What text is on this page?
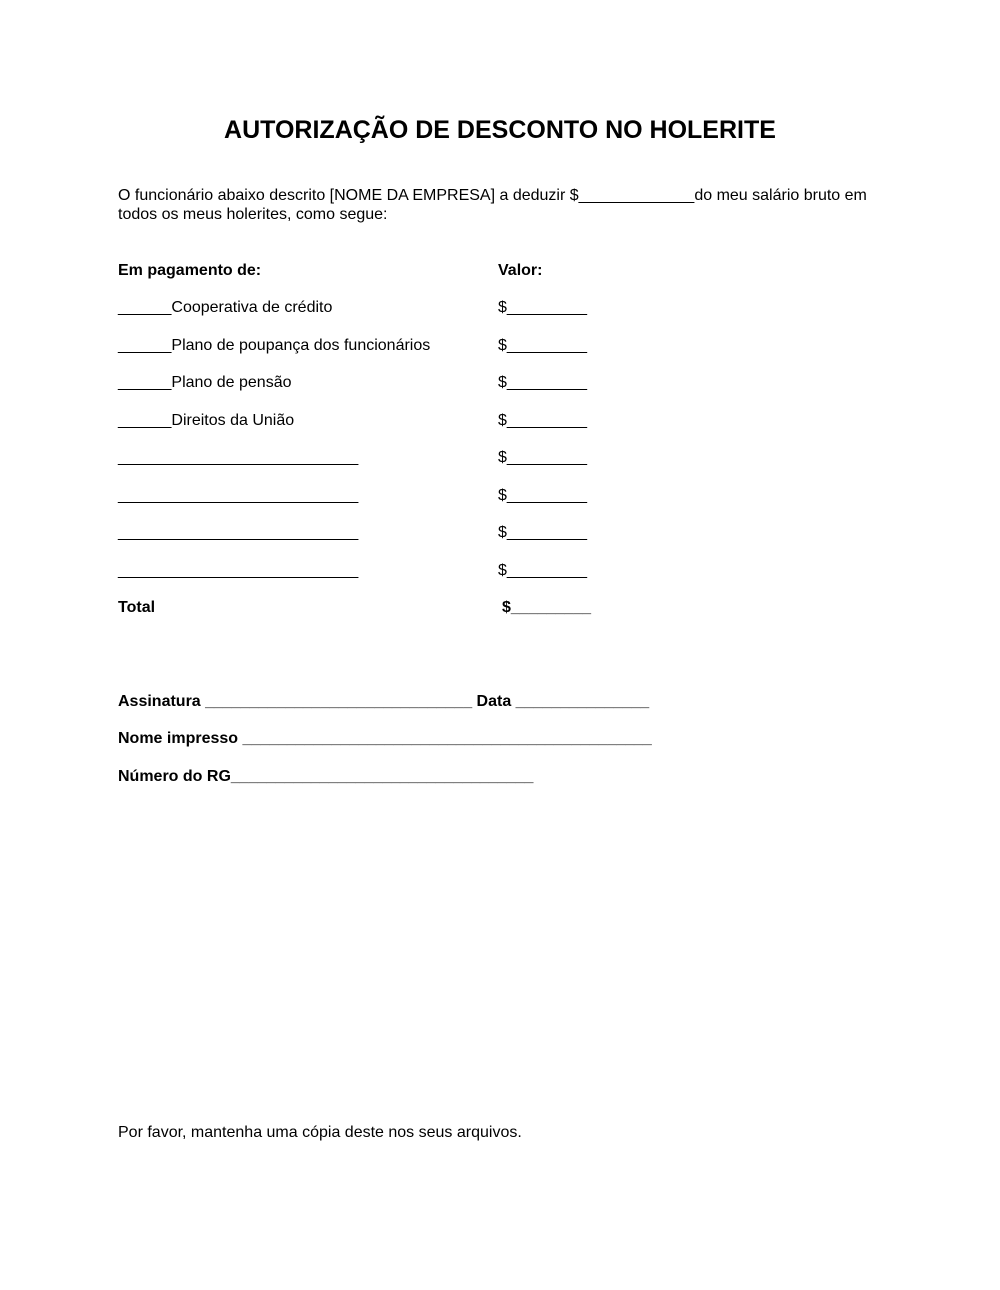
AUTORIZAÇÃO DE DESCONTO NO HOLERITE
O funcionário abaixo descrito [NOME DA EMPRESA] a deduzir $_____________do meu salário bruto em
todos os meus holerites, como segue:
Em pagamento de:	Valor:
______Cooperativa de crédito	$_________
______Plano de poupança dos funcionários	$_________
______Plano de pensão	$_________
______Direitos da União	$_________
___________________________	$_________
___________________________	$_________
___________________________	$_________
___________________________	$_________
Total	$_________
Assinatura ______________________________ Data _______________
Nome impresso ______________________________________________
Número do RG__________________________________
Por favor, mantenha uma cópia deste nos seus arquivos.
